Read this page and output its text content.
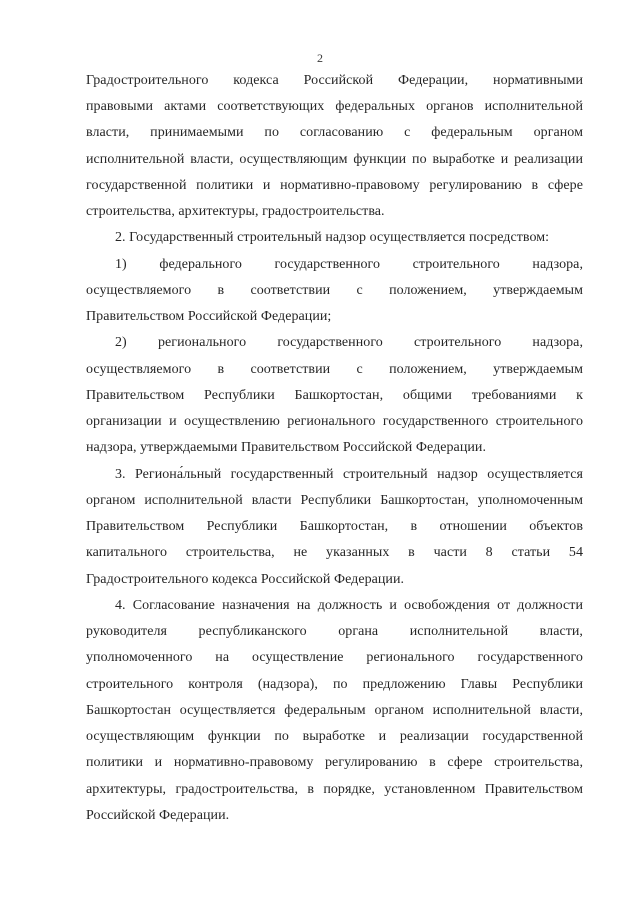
2
Градостроительного кодекса Российской Федерации, нормативными
правовыми актами соответствующих федеральных органов исполнительной
власти, принимаемыми по согласованию с федеральным органом
исполнительной власти, осуществляющим функции по выработке и реализации
государственной политики и нормативно-правовому регулированию в сфере
строительства, архитектуры, градостроительства.
2. Государственный строительный надзор осуществляется посредством:
1) федерального государственного строительного надзора,
осуществляемого в соответствии с положением, утверждаемым
Правительством Российской Федерации;
2) регионального государственного строительного надзора,
осуществляемого в соответствии с положением, утверждаемым
Правительством Республики Башкортостан, общими требованиями к
организации и осуществлению регионального государственного строительного
надзора, утверждаемыми Правительством Российской Федерации.
3. Региона́льный государственный строительный надзор осуществляется
органом исполнительной власти Республики Башкортостан, уполномоченным
Правительством Республики Башкортостан, в отношении объектов
капитального строительства, не указанных в части 8 статьи 54
Градостроительного кодекса Российской Федерации.
4. Согласование назначения на должность и освобождения от должности
руководителя республиканского органа исполнительной власти,
уполномоченного на осуществление регионального государственного
строительного контроля (надзора), по предложению Главы Республики
Башкортостан осуществляется федеральным органом исполнительной власти,
осуществляющим функции по выработке и реализации государственной
политики и нормативно-правовому регулированию в сфере строительства,
архитектуры, градостроительства, в порядке, установленном Правительством
Российской Федерации.
